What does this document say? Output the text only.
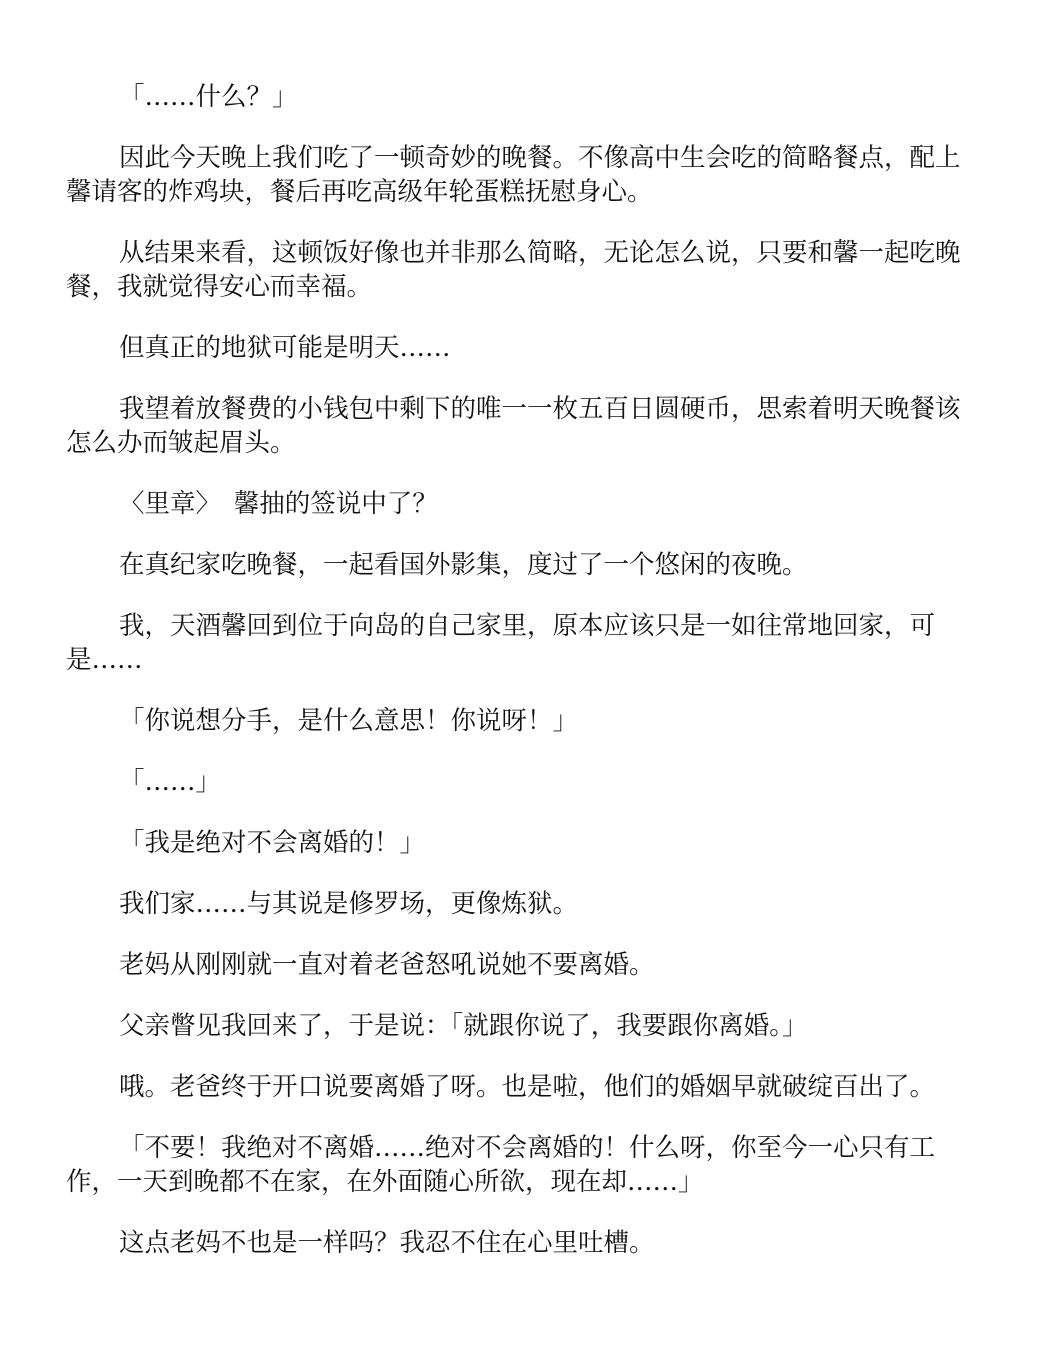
「……什么？」

因此今天晚上我们吃了一顿奇妙的晚餐。不像高中生会吃的简略餐点，配上馨请客的炸鸡块，餐后再吃高级年轮蛋糕抚慰身心。

从结果来看，这顿饭好像也并非那么简略，无论怎么说，只要和馨一起吃晚餐，我就觉得安心而幸福。

但真正的地狱可能是明天……

我望着放餐费的小钱包中剩下的唯一一枚五百日圆硬币，思索着明天晚餐该怎么办而皱起眉头。

〈里章〉　馨抽的签说中了？

在真纪家吃晚餐，一起看国外影集，度过了一个悠闲的夜晚。

我，天酒馨回到位于向岛的自己家里，原本应该只是一如往常地回家，可是……

「你说想分手，是什么意思！你说呀！」

「……」

「我是绝对不会离婚的！」

我们家……与其说是修罗场，更像炼狱。

老妈从刚刚就一直对着老爸怒吼说她不要离婚。

父亲瞥见我回来了，于是说：「就跟你说了，我要跟你离婚。」

哦。老爸终于开口说要离婚了呀。也是啦，他们的婚姻早就破绽百出了。

「不要！我绝对不离婚……绝对不会离婚的！什么呀，你至今一心只有工作，一天到晚都不在家，在外面随心所欲，现在却……」

这点老妈不也是一样吗？我忍不住在心里吐槽。
